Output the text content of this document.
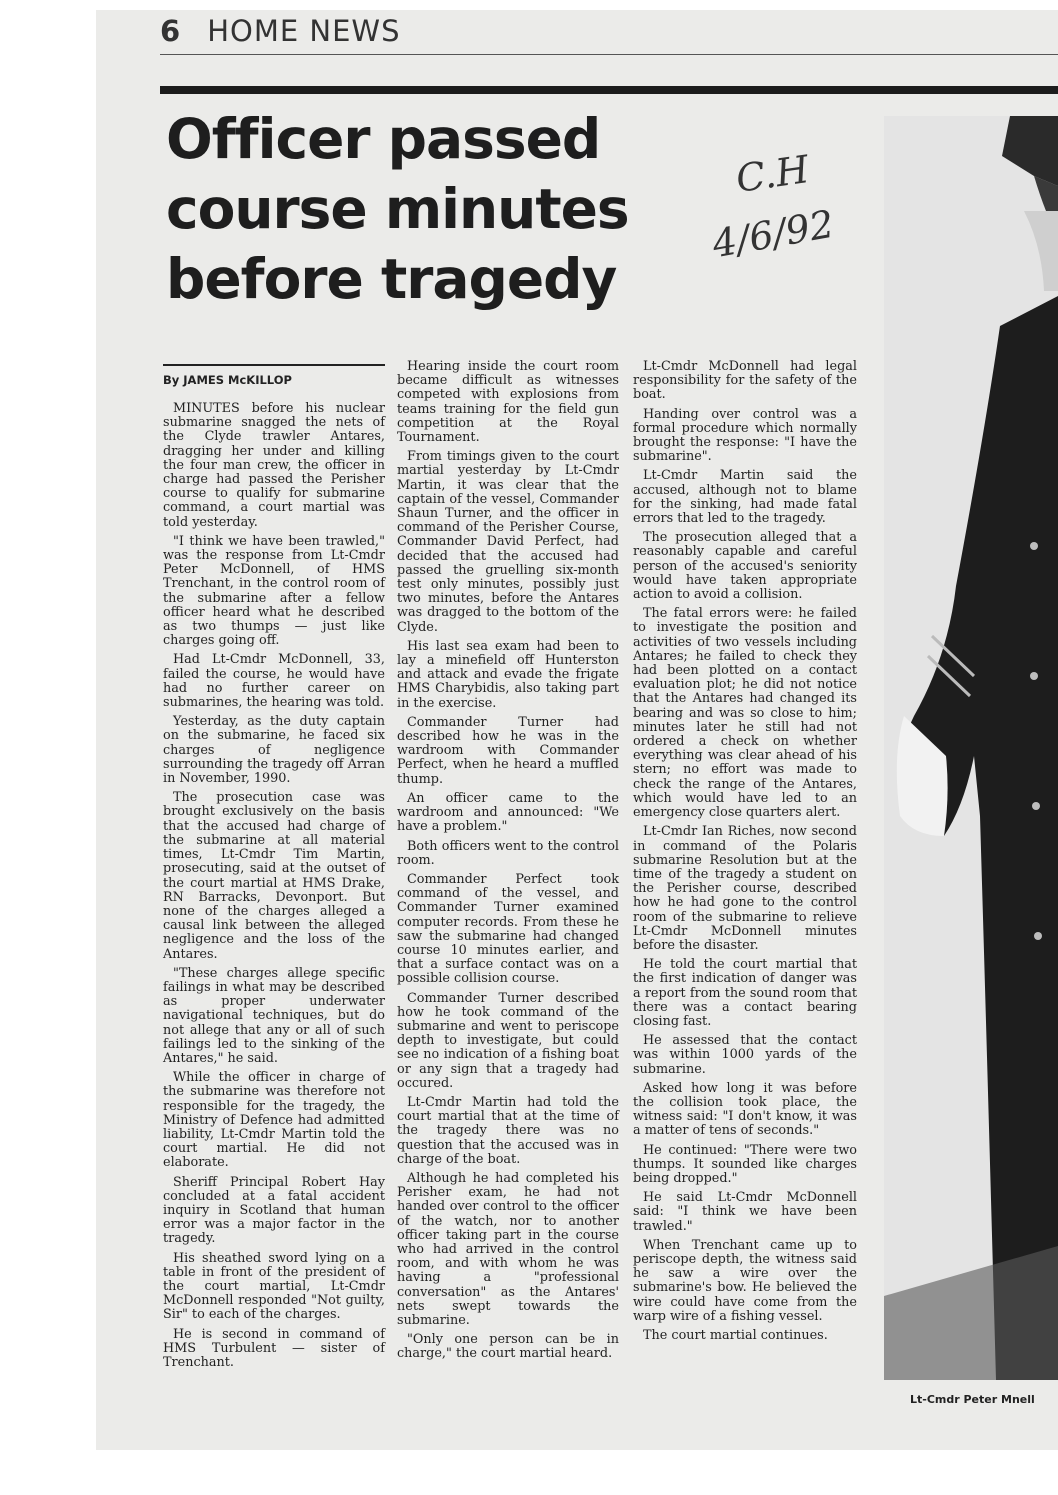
6 HOME NEWS
Officer passed course minutes before tragedy
C.H
4/6/92
By JAMES McKILLOP

MINUTES before his nuclear submarine snagged the nets of the Clyde trawler Antares, dragging her under and killing the four man crew, the officer in charge had passed the Perisher course to qualify for submarine command, a court martial was told yesterday.

"I think we have been trawled," was the response from Lt-Cmdr Peter McDonnell, of HMS Trenchant, in the control room of the submarine after a fellow officer heard what he described as two thumps — just like charges going off.

Had Lt-Cmdr McDonnell, 33, failed the course, he would have had no further career on submarines, the hearing was told.

Yesterday, as the duty captain on the submarine, he faced six charges of negligence surrounding the tragedy off Arran in November, 1990.

The prosecution case was brought exclusively on the basis that the accused had charge of the submarine at all material times, Lt-Cmdr Tim Martin, prosecuting, said at the outset of the court martial at HMS Drake, RN Barracks, Devonport. But none of the charges alleged a causal link between the alleged negligence and the loss of the Antares.

"These charges allege specific failings in what may be described as proper underwater navigational techniques, but do not allege that any or all of such failings led to the sinking of the Antares," he said.

While the officer in charge of the submarine was therefore not responsible for the tragedy, the Ministry of Defence had admitted liability, Lt-Cmdr Martin told the court martial. He did not elaborate.

Sheriff Principal Robert Hay concluded at a fatal accident inquiry in Scotland that human error was a major factor in the tragedy.

His sheathed sword lying on a table in front of the president of the court martial, Lt-Cmdr McDonnell responded "Not guilty, Sir" to each of the charges.

He is second in command of HMS Turbulent — sister of Trenchant.

Hearing inside the court room became difficult as witnesses competed with explosions from teams training for the field gun competition at the Royal Tournament.

From timings given to the court martial yesterday by Lt-Cmdr Martin, it was clear that the captain of the vessel, Commander Shaun Turner, and the officer in command of the Perisher Course, Commander David Perfect, had decided that the accused had passed the gruelling six-month test only minutes, possibly just two minutes, before the Antares was dragged to the bottom of the Clyde.

His last sea exam had been to lay a minefield off Hunterston and attack and evade the frigate HMS Charybidis, also taking part in the exercise.

Commander Turner had described how he was in the wardroom with Commander Perfect, when he heard a muffled thump.

An officer came to the wardroom and announced: "We have a problem."

Both officers went to the control room.

Commander Perfect took command of the vessel, and Commander Turner examined computer records. From these he saw the submarine had changed course 10 minutes earlier, and that a surface contact was on a possible collision course.

Commander Turner described how he took command of the submarine and went to periscope depth to investigate, but could see no indication of a fishing boat or any sign that a tragedy had occured.

Lt-Cmdr Martin had told the court martial that at the time of the tragedy there was no question that the accused was in charge of the boat.

Although he had completed his Perisher exam, he had not handed over control to the officer of the watch, nor to another officer taking part in the course who had arrived in the control room, and with whom he was having a "professional conversation" as the Antares' nets swept towards the submarine.

"Only one person can be in charge," the court martial heard.

Lt-Cmdr McDonnell had legal responsibility for the safety of the boat.

Handing over control was a formal procedure which normally brought the response: "I have the submarine".

Lt-Cmdr Martin said the accused, although not to blame for the sinking, had made fatal errors that led to the tragedy.

The prosecution alleged that a reasonably capable and careful person of the accused's seniority would have taken appropriate action to avoid a collision.

The fatal errors were: he failed to investigate the position and activities of two vessels including Antares; he failed to check they had been plotted on a contact evaluation plot; he did not notice that the Antares had changed its bearing and was so close to him; minutes later he still had not ordered a check on whether everything was clear ahead of his stern; no effort was made to check the range of the Antares, which would have led to an emergency close quarters alert.

Lt-Cmdr Ian Riches, now second in command of the Polaris submarine Resolution but at the time of the tragedy a student on the Perisher course, described how he had gone to the control room of the submarine to relieve Lt-Cmdr McDonnell minutes before the disaster.

He told the court martial that the first indication of danger was a report from the sound room that there was a contact bearing closing fast.

He assessed that the contact was within 1000 yards of the submarine.

Asked how long it was before the collision took place, the witness said: "I don't know, it was a matter of tens of seconds."

He continued: "There were two thumps. It sounded like charges being dropped."

He said Lt-Cmdr McDonnell said: "I think we have been trawled."

When Trenchant came up to periscope depth, the witness said he saw a wire over the submarine's bow. He believed the wire could have come from the warp wire of a fishing vessel.

The court martial continues.

Lt-Cmdr Peter Mnell
